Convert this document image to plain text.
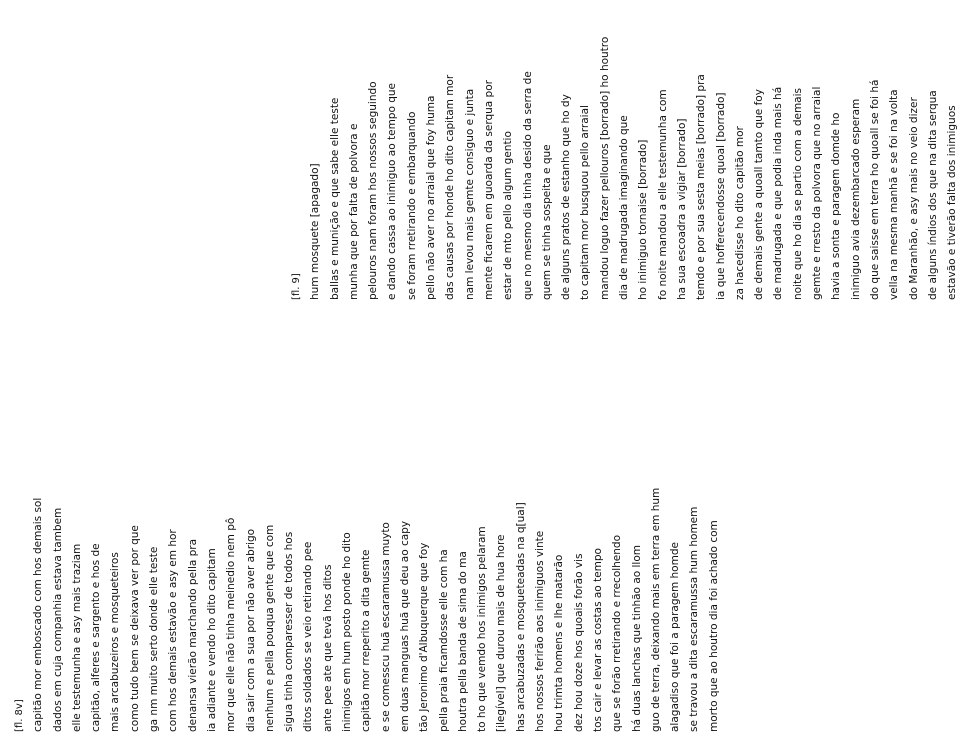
[fl. 8v] capitão mor emboscado com hos demais sol dados em cuja companhia estava tambem elle testemunha e asy mais traziam capitão, alferes e sargento e hos de mais arcabuzeiros e mosqueteiros como tudo bem se deixava ver por que ga nm muito serto donde elle teste com hos demais estavão e asy em hor denansa vierão marchando pella pra ia adiante e vendo ho dito capitam mor que elle não tinha meinedio nem pô dia sair com a sua por não aver abrigo nenhum e pella pouqua gente que com sigua tinha comparesser de todos hos ditos soldados se veio retirando pee ante pee ate que tevã hos ditos inimigos em hum posto ponde ho dito capitão mor rreperito a dita gemte e se comesscu huã escaramussa muyto em duas manguas huã que deu ao capy tão Jeronimo d'Albuquerque que foy pella praia ficamdosse elle com ha houtra pella banda de sima do ma to ho que vemdo hos inimigos pelaram [ilegível] que durou mais de hua hore has arcabuzadas e mosqueteadas na q[ual] hos nossos ferirão aos inimiguos vinte hou trimta homens e lhe matarão dez hou doze hos quoais forão vis tos cair e levar as costas ao tempo que se forão rretirando e rrecolhendo há duas lanchas que tinhão ao llom guo de terra, deixando mais em terra em hum alagadiso que foi a paragem homde se travou a dita escaramussa hum homem morto que ao houtro dia foi achado com
[fl. 9] hum mosquete [apagado] ballas e munição e que sabe elle teste munha que por falta de polvora e pelouros nam foram hos nossos seguindo e dando cassa ao inimiguo ao tempo que se foram rretirando e embarquando pello não aver no arraial que foy huma das causas por honde ho dito capitam mor nam levou mais gemte consiguo e junta mente ficarem em guoarda da serqua por estar de mto pello algum gentio que no mesmo dia tinha desido da serra de quem se tinha sospeita e que de alguns pratos de estanho que ho dy to capitam mor busquou pello arraial mandou loguo fazer pellouros [borrado] ho houtro dia de madrugada imaginando que ho inimiguo tornaise [borrado] fo noite mandou a elle testemunha com ha sua escoadra a vigiar [borrado] temdo e por sua sesta meias [borrado] pra ia que hofferecendosse quoal [borrado] za hacedisse ho dito capitão mor de demais gente a quoall tamto que foy de madrugada e que podia inda mais há noite que ho dia se partio com a demais gemte e rresto da polvora que no arraial havia a sonta e paragem domde ho inimiguo avia dezembarcado esperam do que saisse em terra ho quoall se foi há vella na mesma manhã e se foi na volta do Maranhão, e asy mais no veio dizer de alguns índios dos que na dita serqua estavão e tiverão falta dos inimiguos
